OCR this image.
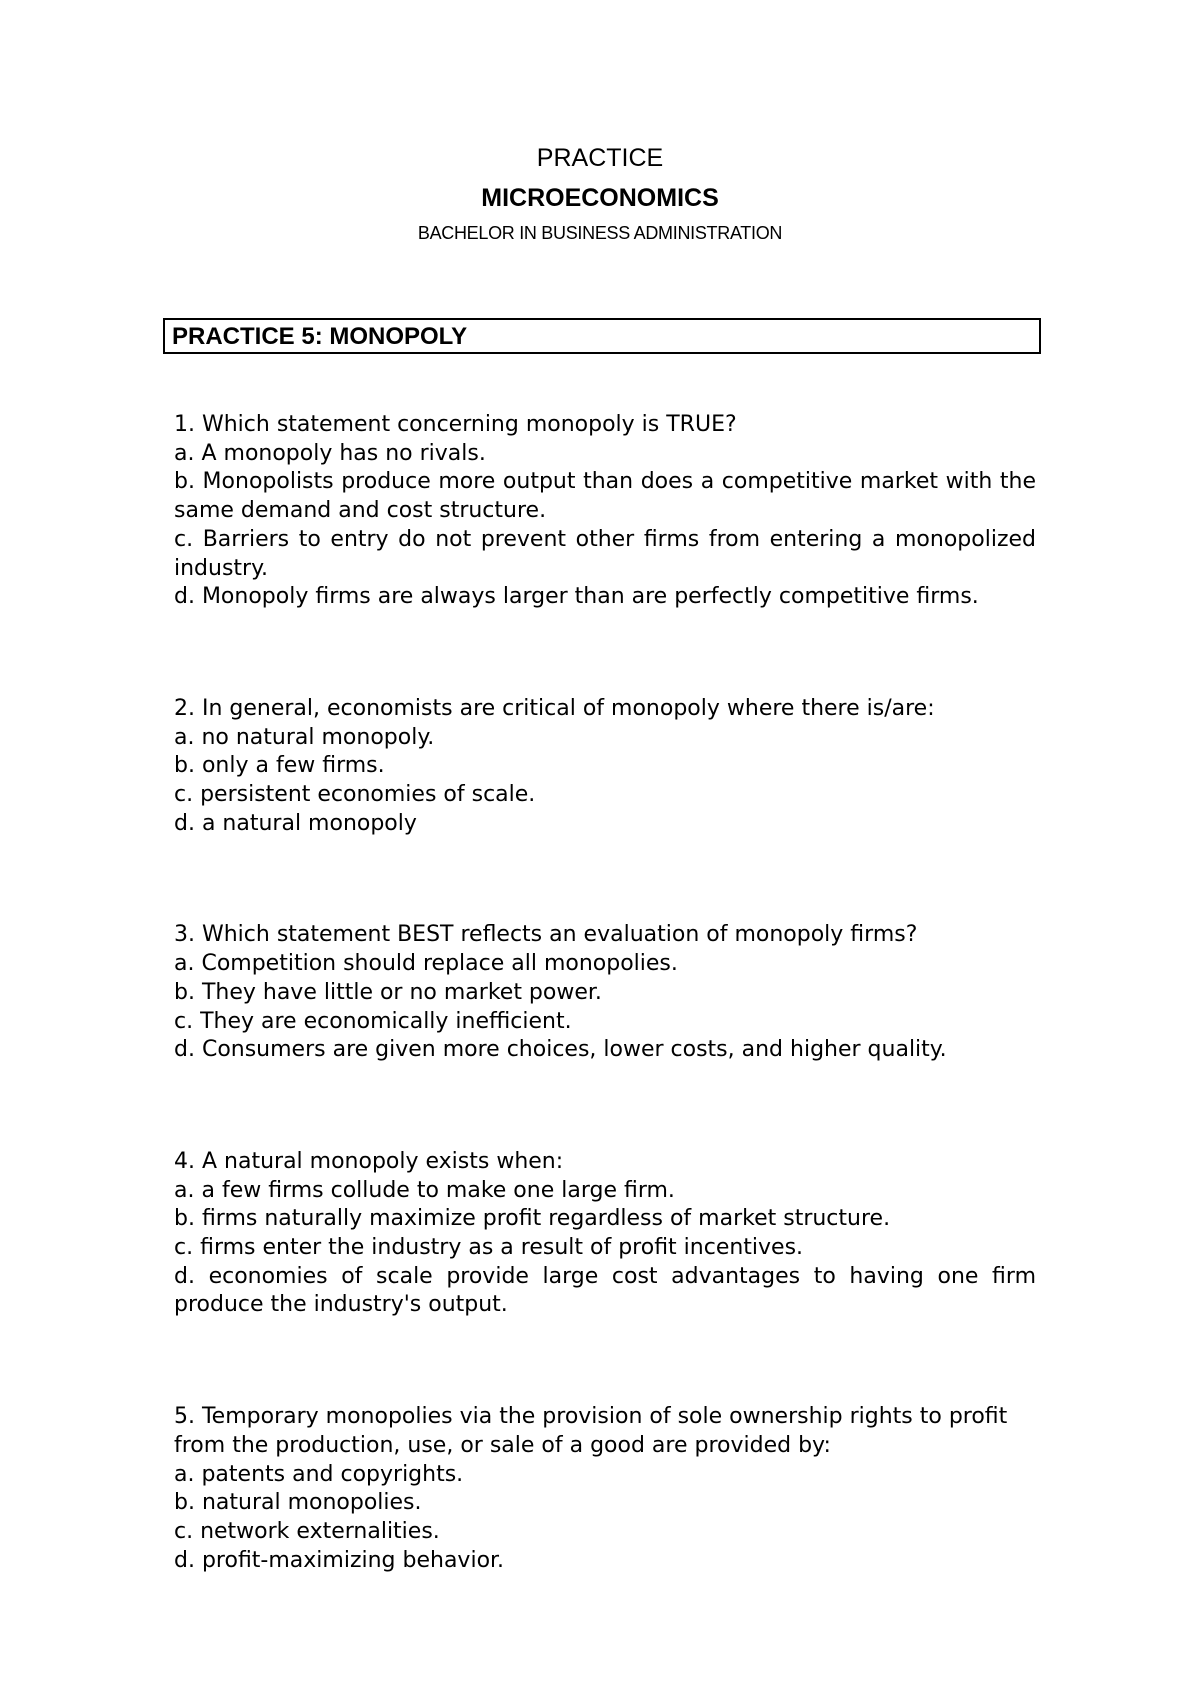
PRACTICE
MICROECONOMICS
BACHELOR IN BUSINESS ADMINISTRATION
PRACTICE 5: MONOPOLY
1. Which statement concerning monopoly is TRUE?
a. A monopoly has no rivals.
b. Monopolists produce more output than does a competitive market with the same demand and cost structure.
c. Barriers to entry do not prevent other firms from entering a monopolized industry.
d. Monopoly firms are always larger than are perfectly competitive firms.
2. In general, economists are critical of monopoly where there is/are:
a. no natural monopoly.
b. only a few firms.
c. persistent economies of scale.
d. a natural monopoly
3. Which statement BEST reflects an evaluation of monopoly firms?
a. Competition should replace all monopolies.
b. They have little or no market power.
c. They are economically inefficient.
d. Consumers are given more choices, lower costs, and higher quality.
4. A natural monopoly exists when:
a. a few firms collude to make one large firm.
b. firms naturally maximize profit regardless of market structure.
c. firms enter the industry as a result of profit incentives.
d. economies of scale provide large cost advantages to having one firm produce the industry's output.
5. Temporary monopolies via the provision of sole ownership rights to profit from the production, use, or sale of a good are provided by:
a. patents and copyrights.
b. natural monopolies.
c. network externalities.
d. profit-maximizing behavior.
